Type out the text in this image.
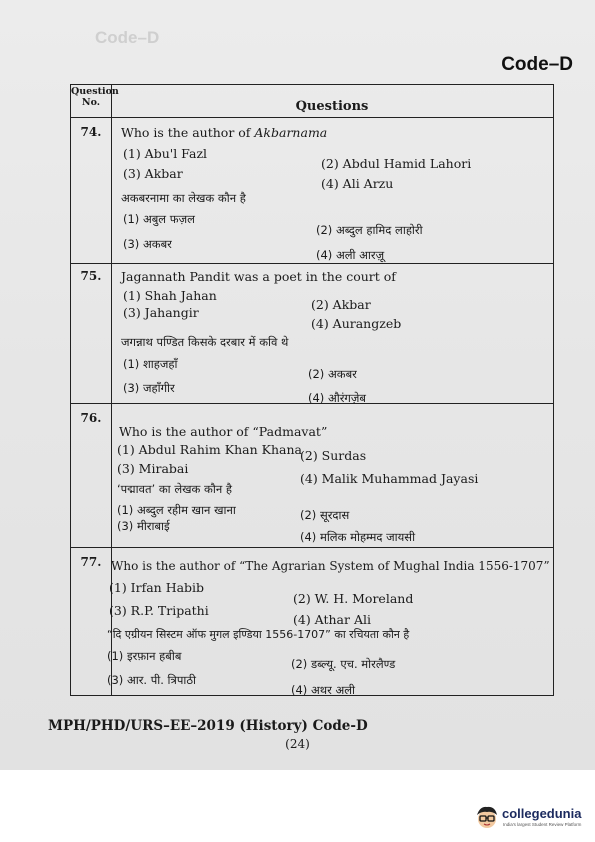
Code–D
Code–D
Question
No.	Questions
74.	Who is the author of Akbarnama
(1) Abu'l Fazl
(2) Abdul Hamid Lahori
(3) Akbar
(4) Ali Arzu
अकबरनामा का लेखक कौन है
(1) अबुल फज़ल
(2) अब्दुल हामिद लाहोरी
(3) अकबर
(4) अली आरज़ू
75.	Jagannath Pandit was a poet in the court of
(1) Shah Jahan
(2) Akbar
(3) Jahangir
(4) Aurangzeb
जगन्नाथ पण्डित किसके दरबार में कवि थे
(1) शाहजहाँ
(2) अकबर
(3) जहाँगीर
(4) औरंगज़ेब
76.
Who is the author of “Padmavat”
(1) Abdul Rahim Khan Khana
(2) Surdas
(3) Mirabai
(4) Malik Muhammad Jayasi
‘पद्मावत’ का लेखक कौन है
(1) अब्दुल रहीम खान खाना	(2) सूरदास
(3) मीराबाई
(4) मलिक मोहम्मद जायसी
77. Who is the author of “The Agrarian System of Mughal India 1556-1707”
(1) Irfan Habib
(2) W. H. Moreland
(3) R.P. Tripathi
(4) Athar Ali
“दि एग्रीयन सिस्टम ऑफ मुगल इण्डिया 1556-1707” का रचियता कौन है
(1) इरफ़ान हबीब
(2) डब्ल्यू. एच. मोरलैण्ड
(3) आर. पी. त्रिपाठी
(4) अथर अली
MPH/PHD/URS–EE–2019 (History) Code-D
(24)
collegedunia
India's largest Student Review Platform
